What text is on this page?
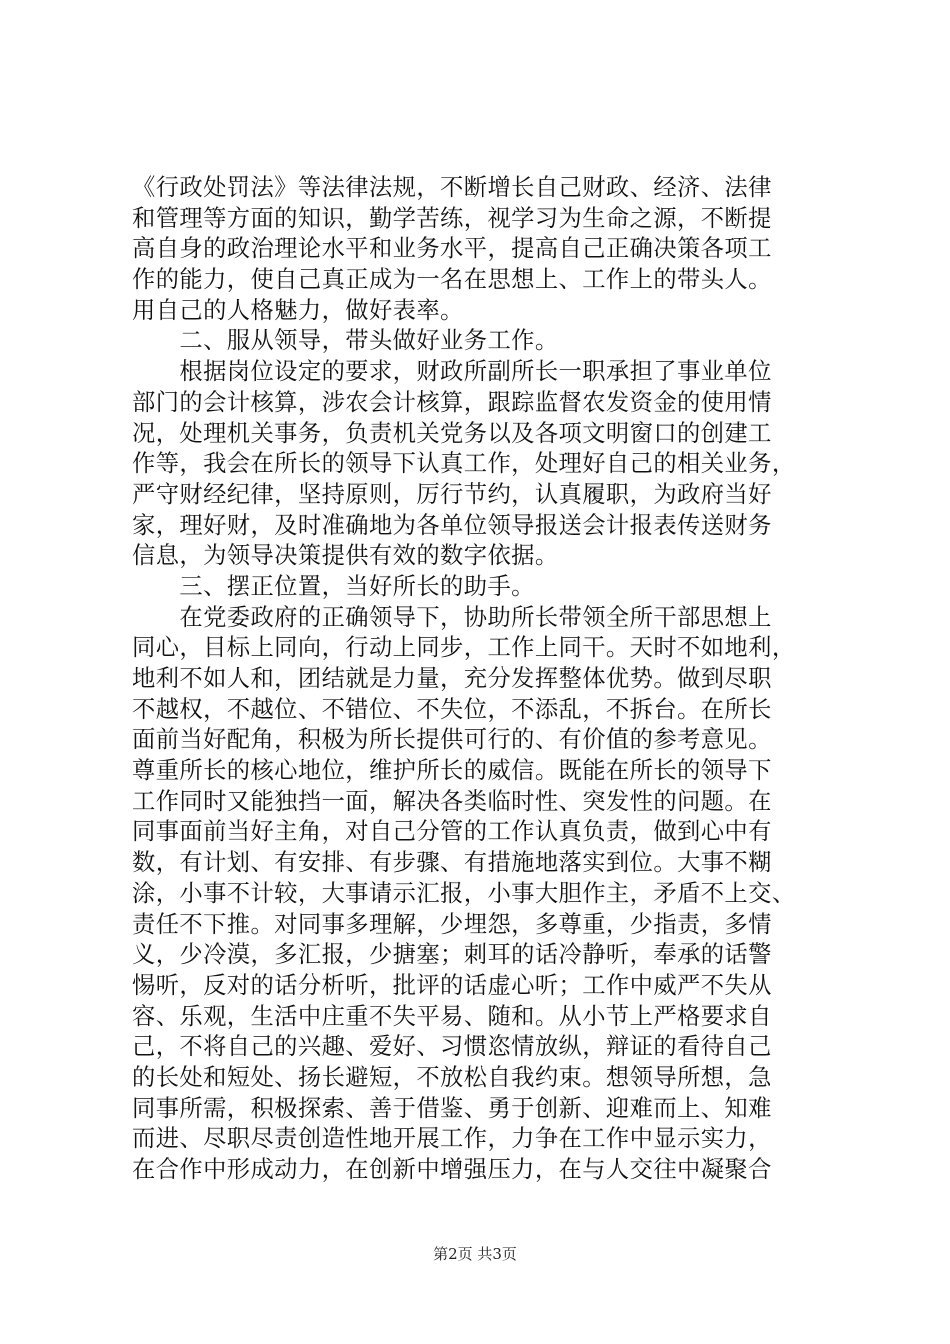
《行政处罚法》等法律法规，不断增长自己财政、经济、法律
和管理等方面的知识，勤学苦练，视学习为生命之源，不断提
高自身的政治理论水平和业务水平，提高自己正确决策各项工
作的能力，使自己真正成为一名在思想上、工作上的带头人。
用自己的人格魅力，做好表率。
　　二、服从领导，带头做好业务工作。
　　根据岗位设定的要求，财政所副所长一职承担了事业单位
部门的会计核算，涉农会计核算，跟踪监督农发资金的使用情
况，处理机关事务，负责机关党务以及各项文明窗口的创建工
作等，我会在所长的领导下认真工作，处理好自己的相关业务，
严守财经纪律，坚持原则，厉行节约，认真履职，为政府当好
家，理好财，及时准确地为各单位领导报送会计报表传送财务
信息，为领导决策提供有效的数字依据。
　　三、摆正位置，当好所长的助手。
　　在党委政府的正确领导下，协助所长带领全所干部思想上
同心，目标上同向，行动上同步，工作上同干。天时不如地利，
地利不如人和，团结就是力量，充分发挥整体优势。做到尽职
不越权，不越位、不错位、不失位，不添乱，不拆台。在所长
面前当好配角，积极为所长提供可行的、有价值的参考意见。
尊重所长的核心地位，维护所长的威信。既能在所长的领导下
工作同时又能独挡一面，解决各类临时性、突发性的问题。在
同事面前当好主角，对自己分管的工作认真负责，做到心中有
数，有计划、有安排、有步骤、有措施地落实到位。大事不糊
涂，小事不计较，大事请示汇报，小事大胆作主，矛盾不上交、
责任不下推。对同事多理解，少埋怨，多尊重，少指责，多情
义，少冷漠，多汇报，少搪塞；刺耳的话冷静听，奉承的话警
惕听，反对的话分析听，批评的话虚心听；工作中威严不失从
容、乐观，生活中庄重不失平易、随和。从小节上严格要求自
己，不将自己的兴趣、爱好、习惯恣情放纵，辩证的看待自己
的长处和短处、扬长避短，不放松自我约束。想领导所想，急
同事所需，积极探索、善于借鉴、勇于创新、迎难而上、知难
而进、尽职尽责创造性地开展工作，力争在工作中显示实力，
在合作中形成动力，在创新中增强压力，在与人交往中凝聚合
第2页 共3页
